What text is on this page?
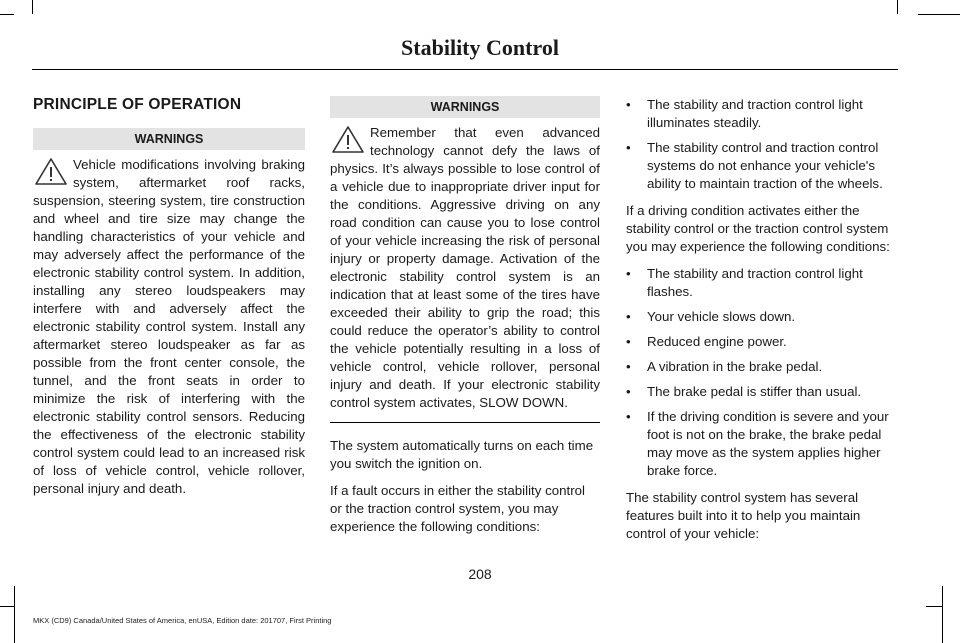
Stability Control
PRINCIPLE OF OPERATION
WARNINGS

Vehicle modifications involving braking system, aftermarket roof racks, suspension, steering system, tire construction and wheel and tire size may change the handling characteristics of your vehicle and may adversely affect the performance of the electronic stability control system. In addition, installing any stereo loudspeakers may interfere with and adversely affect the electronic stability control system. Install any aftermarket stereo loudspeaker as far as possible from the front center console, the tunnel, and the front seats in order to minimize the risk of interfering with the electronic stability control sensors. Reducing the effectiveness of the electronic stability control system could lead to an increased risk of loss of vehicle control, vehicle rollover, personal injury and death.

WARNINGS

Remember that even advanced technology cannot defy the laws of physics. It’s always possible to lose control of a vehicle due to inappropriate driver input for the conditions. Aggressive driving on any road condition can cause you to lose control of your vehicle increasing the risk of personal injury or property damage. Activation of the electronic stability control system is an indication that at least some of the tires have exceeded their ability to grip the road; this could reduce the operator’s ability to control the vehicle potentially resulting in a loss of vehicle control, vehicle rollover, personal injury and death. If your electronic stability control system activates, SLOW DOWN.

The system automatically turns on each time you switch the ignition on.

If a fault occurs in either the stability control or the traction control system, you may experience the following conditions:

• The stability and traction control light illuminates steadily.
• The stability control and traction control systems do not enhance your vehicle's ability to maintain traction of the wheels.

If a driving condition activates either the stability control or the traction control system you may experience the following conditions:

• The stability and traction control light flashes.
• Your vehicle slows down.
• Reduced engine power.
• A vibration in the brake pedal.
• The brake pedal is stiffer than usual.
• If the driving condition is severe and your foot is not on the brake, the brake pedal may move as the system applies higher brake force.

The stability control system has several features built into it to help you maintain control of your vehicle:

208
MKX (CD9) Canada/United States of America, enUSA, Edition date: 201707, First Printing
